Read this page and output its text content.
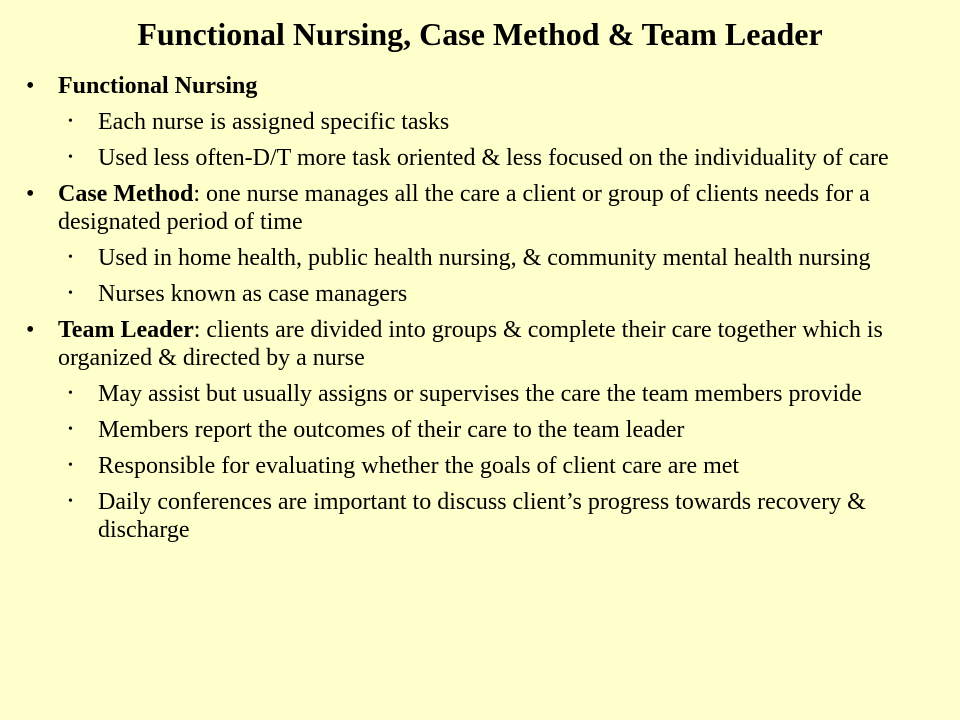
Functional Nursing, Case Method & Team Leader
• Functional Nursing
• Each nurse is assigned specific tasks
• Used less often-D/T more task oriented & less focused on the individuality of care
• Case Method: one nurse manages all the care a client or group of clients needs for a designated period of time
• Used in home health, public health nursing, & community mental health nursing
• Nurses known as case managers
• Team Leader: clients are divided into groups & complete their care together which is organized & directed by a nurse
• May assist but usually assigns or supervises the care the team members provide
• Members report the outcomes of their care to the team leader
• Responsible for evaluating whether the goals of client care are met
• Daily conferences are important to discuss client’s progress towards recovery & discharge
